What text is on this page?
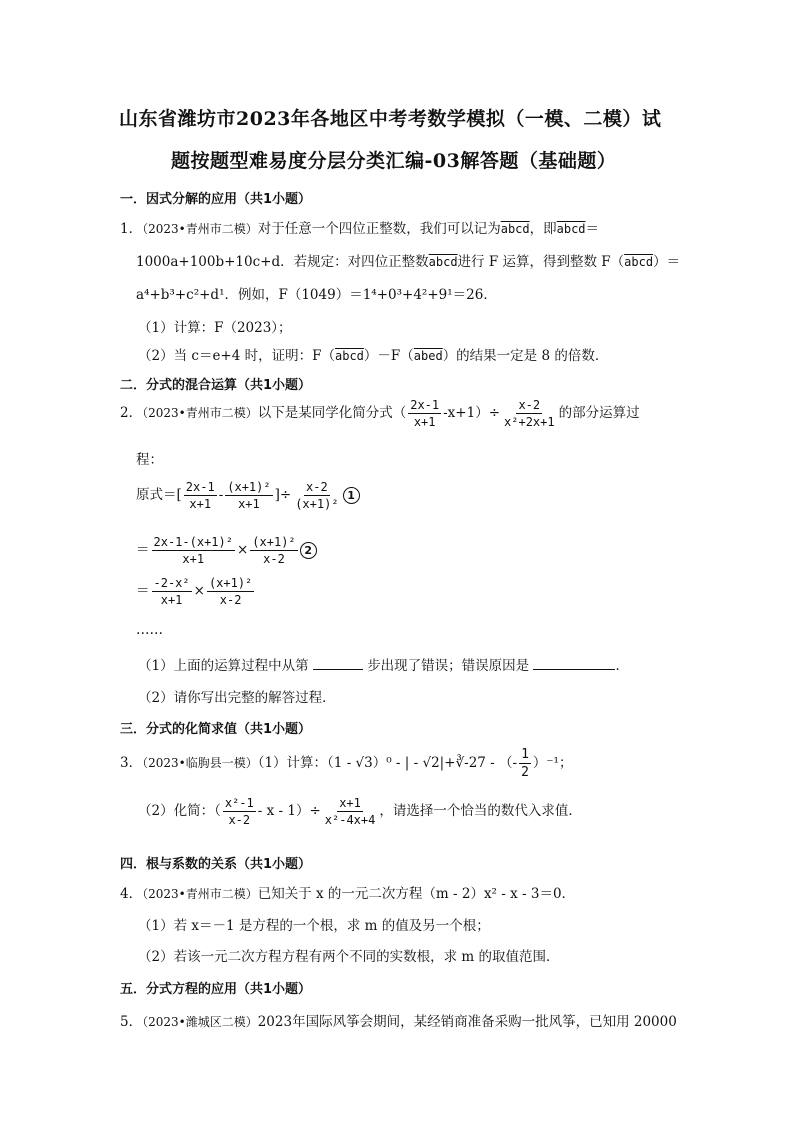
山东省潍坊市2023年各地区中考考数学模拟（一模、二模）试
题按题型难易度分层分类汇编-03解答题（基础题）
一．因式分解的应用（共1小题）
1．（2023•青州市二模）对于任意一个四位正整数，我们可以记为abcd，即abcd＝
1000a+100b+10c+d．若规定：对四位正整数abcd进行 F 运算，得到整数 F（abcd）＝
a⁴+b³+c²+d¹．例如，F（1049）＝1⁴+0³+4²+9¹＝26．
（1）计算：F（2023）；
（2）当 c＝e+4 时，证明：F（abcd）－F（abed）的结果一定是 8 的倍数．
二．分式的混合运算（共1小题）
2．（2023•青州市二模）以下是某同学化简分式（ $\frac{2x-1}{x+1} -x+1)\div \frac{x-2}{\text{x²+2x+1}}$ 的部分运算过
程：
原式＝[ $\frac{2x-1}{x+1} - \frac{\text{(x+1)²}}{x+1}$ ]÷ $\frac{x-2}{\text{(x+1)²}} 1$
＝ $\frac{\text{2x-1-(x+1)²}}{x+1} \times \frac{\text{(x+1)²}}{x-2} 2$
＝ $\frac{\text{-2-x²}}{x+1} \times \frac{\text{(x+1)²}}{x-2}$
……
（1）上面的运算过程中从第	步出现了错误；错误原因是	．
（2）请你写出完整的解答过程．
三．分式的化简求值（共1小题）
3．（2023•临朐县一模）（1）计算：（1 - √3）⁰ - | - √2|+∛-27 - （- $\frac{1}{2} )^{-1}$；
（2）化简：（ $\frac{\text{x²-1}}{x-2} - x - 1)\div \frac{x+1}{\text{x²-4x+4}}$ ，请选择一个恰当的数代入求值．
四．根与系数的关系（共1小题）
4．（2023•青州市二模）已知关于 x 的一元二次方程（m - 2）x² - x - 3＝0．
（1）若 x＝－1 是方程的一个根，求 m 的值及另一个根；
（2）若该一元二次方程方程有两个不同的实数根，求 m 的取值范围．
五．分式方程的应用（共1小题）
5．（2023•潍城区二模）2023年国际风筝会期间，某经销商准备采购一批风筝，已知用 20000
